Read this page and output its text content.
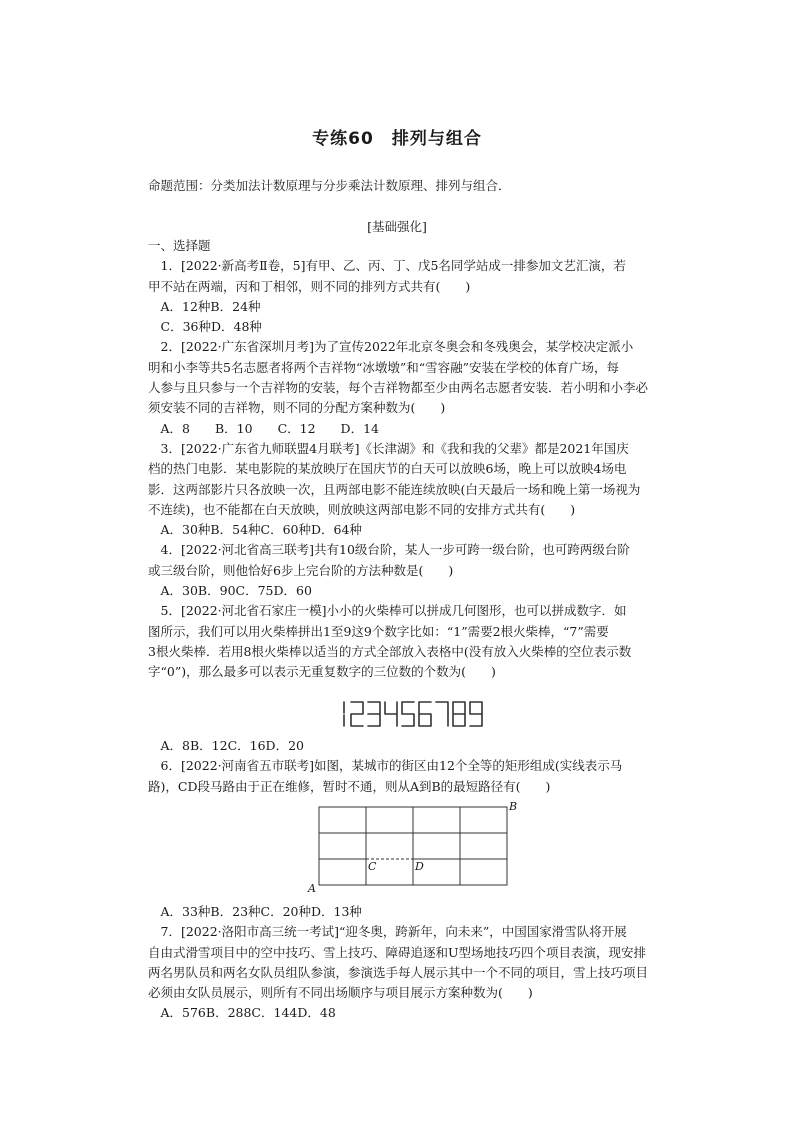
专练60　排列与组合
命题范围：分类加法计数原理与分步乘法计数原理、排列与组合．
[基础强化]
一、选择题
　1．[2022·新高考Ⅱ卷，5]有甲、乙、丙、丁、戊5名同学站成一排参加文艺汇演，若
甲不站在两端，丙和丁相邻，则不同的排列方式共有(　　)
　A．12种B．24种
　C．36种D．48种
　2．[2022·广东省深圳月考]为了宣传2022年北京冬奥会和冬残奥会，某学校决定派小
明和小李等共5名志愿者将两个吉祥物“冰墩墩”和“雪容融”安装在学校的体育广场，每
人参与且只参与一个吉祥物的安装，每个吉祥物都至少由两名志愿者安装．若小明和小李必
须安装不同的吉祥物，则不同的分配方案种数为(　　)
　A．8　　B．10　　C．12　　D．14
　3．[2022·广东省九师联盟4月联考]《长津湖》和《我和我的父辈》都是2021年国庆
档的热门电影．某电影院的某放映厅在国庆节的白天可以放映6场，晚上可以放映4场电
影．这两部影片只各放映一次，且两部电影不能连续放映(白天最后一场和晚上第一场视为
不连续)，也不能都在白天放映，则放映这两部电影不同的安排方式共有(　　)
　A．30种B．54种C．60种D．64种
　4．[2022·河北省高三联考]共有10级台阶，某人一步可跨一级台阶，也可跨两级台阶
或三级台阶，则他恰好6步上完台阶的方法种数是(　　)
　A．30B．90C．75D．60
　5．[2022·河北省石家庄一模]小小的火柴棒可以拼成几何图形，也可以拼成数字．如
图所示，我们可以用火柴棒拼出1至9这9个数字比如：“1”需要2根火柴棒，“7”需要
3根火柴棒．若用8根火柴棒以适当的方式全部放入表格中(没有放入火柴棒的空位表示数
字“0”)，那么最多可以表示无重复数字的三位数的个数为(　　)
　A．8B．12C．16D．20
　6．[2022·河南省五市联考]如图，某城市的街区由12个全等的矩形组成(实线表示马
路)，CD段马路由于正在维修，暂时不通，则从A到B的最短路径有(　　)
A
B
C	D
　A．33种B．23种C．20种D．13种
　7．[2022·洛阳市高三统一考试]“迎冬奥，跨新年，向未来”，中国国家滑雪队将开展
自由式滑雪项目中的空中技巧、雪上技巧、障碍追逐和U型场地技巧四个项目表演，现安排
两名男队员和两名女队员组队参演，参演选手每人展示其中一个不同的项目，雪上技巧项目
必须由女队员展示，则所有不同出场顺序与项目展示方案种数为(　　)
　A．576B．288C．144D．48
